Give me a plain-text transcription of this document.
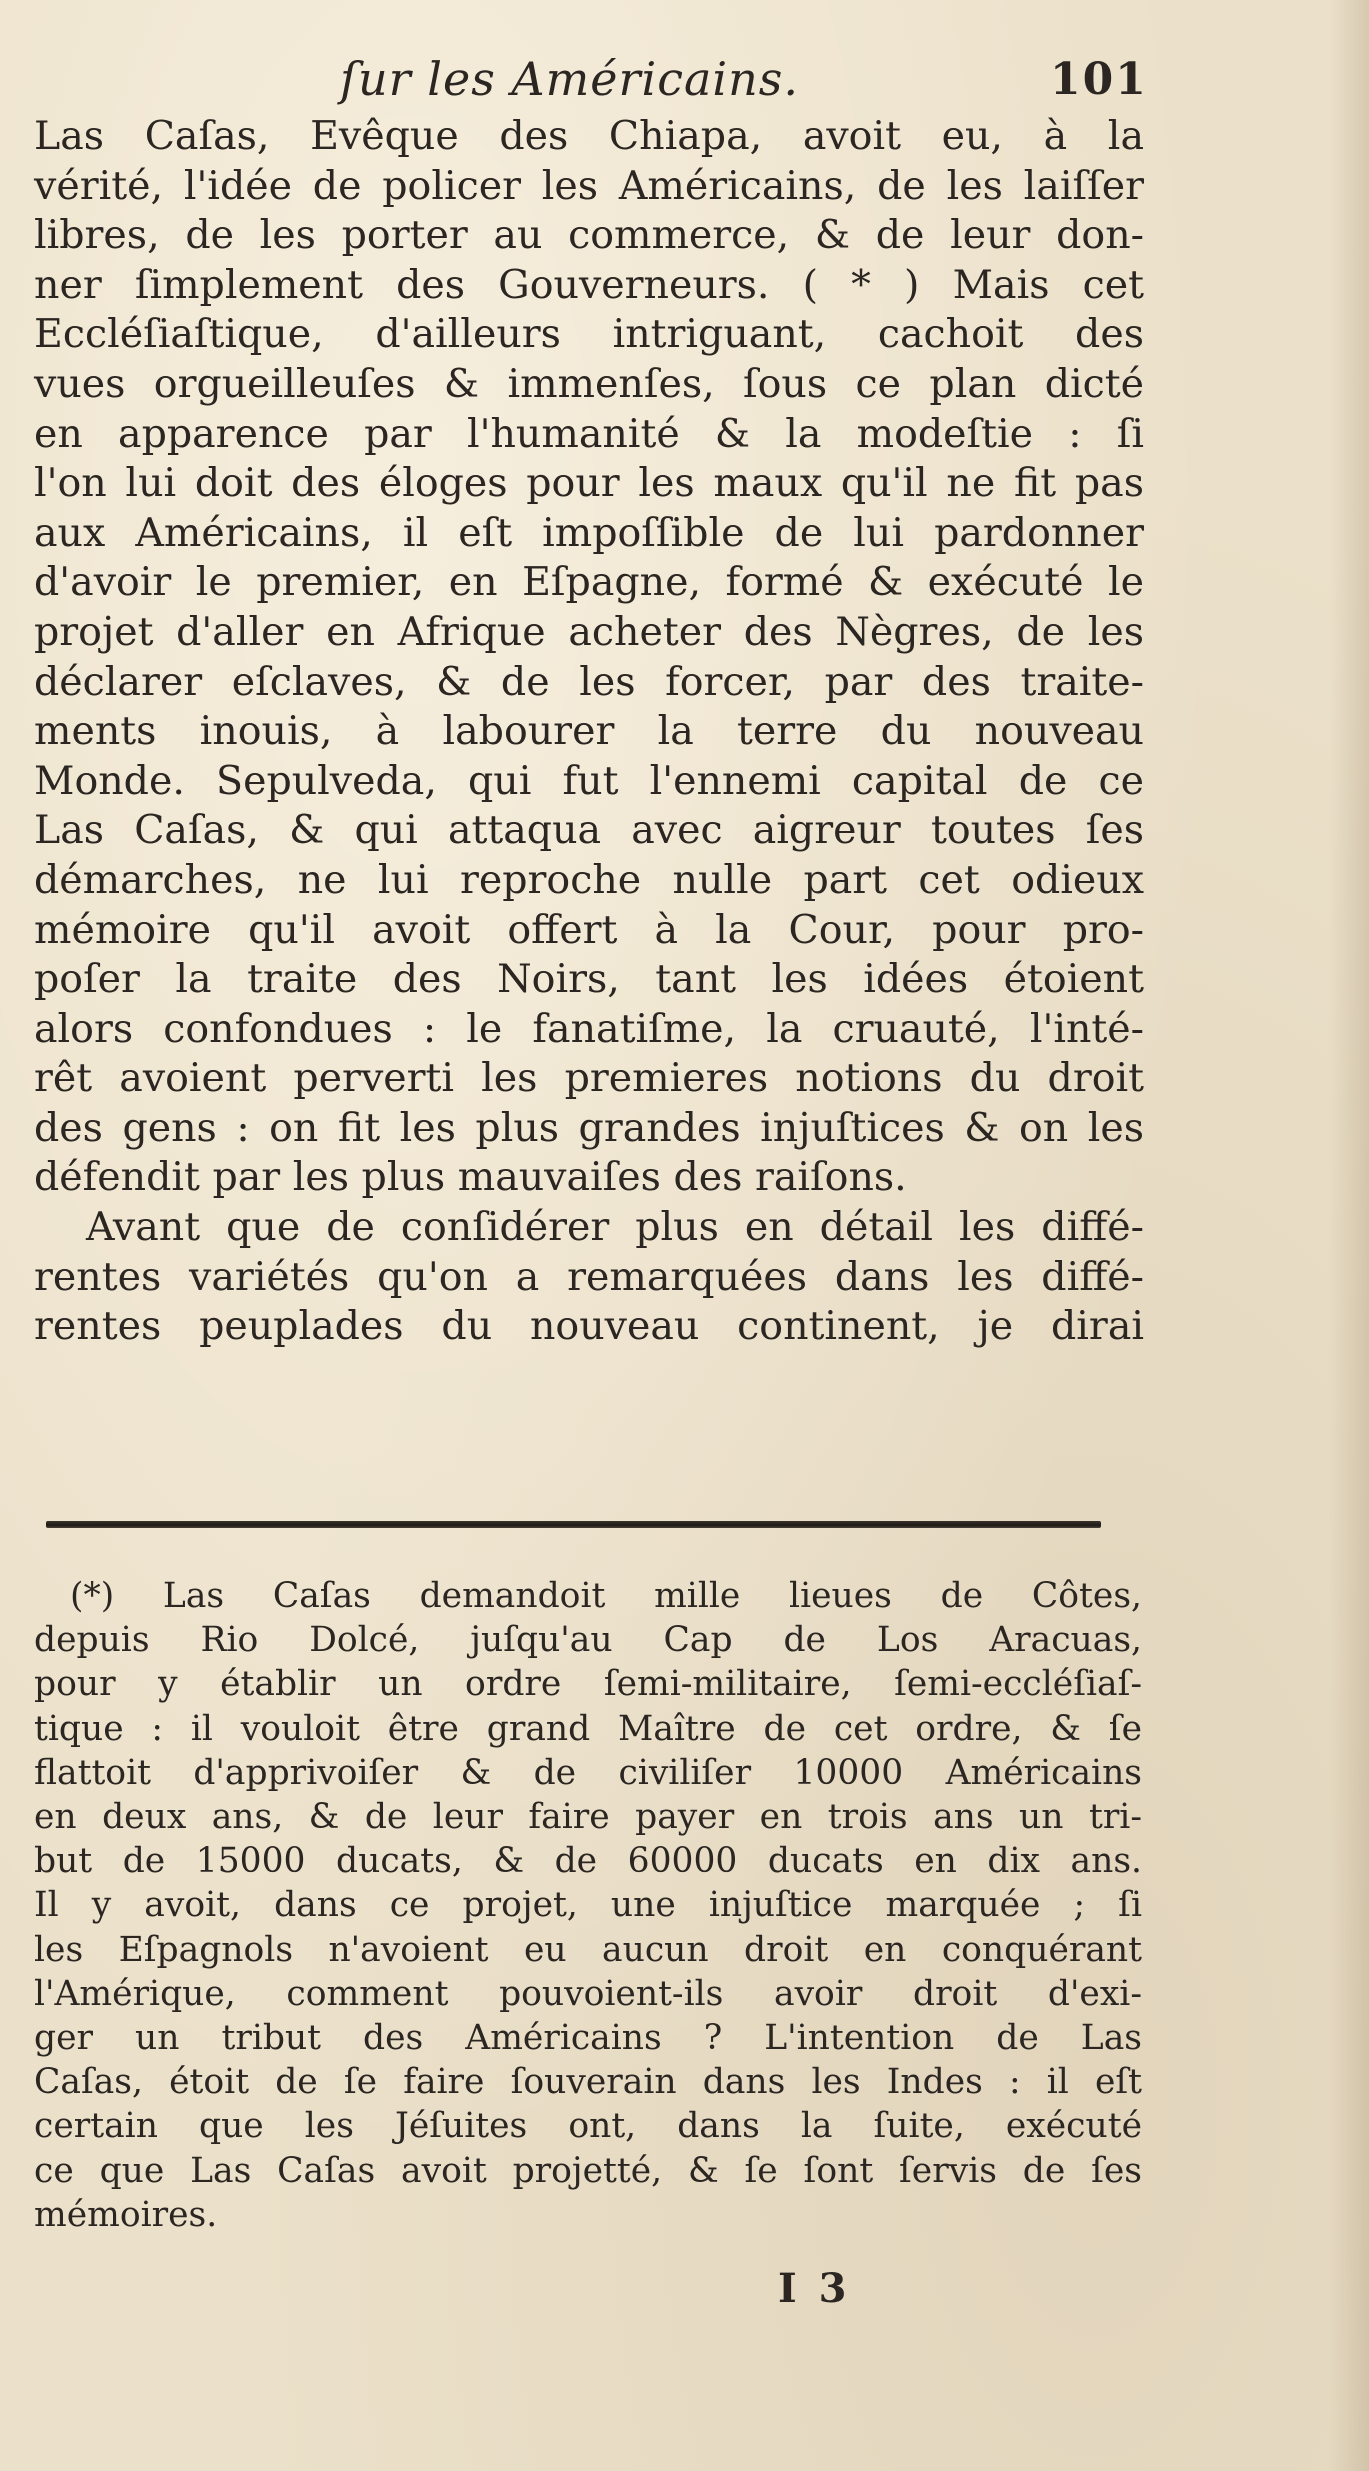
ſur les Américains.	101

Las Caſas, Evêque des Chiapa, avoit eu, à la
vérité, l'idée de policer les Américains, de les laiſſer
libres, de les porter au commerce, & de leur don-
ner ſimplement des Gouverneurs. ( * ) Mais cet
Eccléſiaſtique, d'ailleurs intriguant, cachoit des
vues orgueilleuſes & immenſes, ſous ce plan dicté
en apparence par l'humanité & la modeſtie : ſi
l'on lui doit des éloges pour les maux qu'il ne fit pas
aux Américains, il eſt impoſſible de lui pardonner
d'avoir le premier, en Eſpagne, formé & exécuté le
projet d'aller en Afrique acheter des Nègres, de les
déclarer eſclaves, & de les forcer, par des traite-
ments inouis, à labourer la terre du nouveau
Monde. Sepulveda, qui fut l'ennemi capital de ce
Las Caſas, & qui attaqua avec aigreur toutes ſes
démarches, ne lui reproche nulle part cet odieux
mémoire qu'il avoit offert à la Cour, pour pro-
poſer la traite des Noirs, tant les idées étoient
alors confondues : le fanatiſme, la cruauté, l'inté-
rêt avoient perverti les premieres notions du droit
des gens : on fit les plus grandes injuſtices & on les
défendit par les plus mauvaiſes des raiſons.

Avant que de conſidérer plus en détail les diffé-
rentes variétés qu'on a remarquées dans les diffé-
rentes peuplades du nouveau continent, je dirai

(*) Las Caſas demandoit mille lieues de Côtes,
depuis Rio Dolcé, juſqu'au Cap de Los Aracuas,
pour y établir un ordre ſemi-militaire, ſemi-eccléſiaſ-
tique : il vouloit être grand Maître de cet ordre, & ſe
flattoit d'apprivoiſer & de civiliſer 10000 Américains
en deux ans, & de leur faire payer en trois ans un tri-
but de 15000 ducats, & de 60000 ducats en dix ans.
Il y avoit, dans ce projet, une injuſtice marquée ; ſi
les Eſpagnols n'avoient eu aucun droit en conquérant
l'Amérique, comment pouvoient-ils avoir droit d'exi-
ger un tribut des Américains ? L'intention de Las
Caſas, étoit de ſe faire ſouverain dans les Indes : il eſt
certain que les Jéſuites ont, dans la ſuite, exécuté
ce que Las Caſas avoit projetté, & ſe ſont ſervis de ſes
mémoires.
I 3
